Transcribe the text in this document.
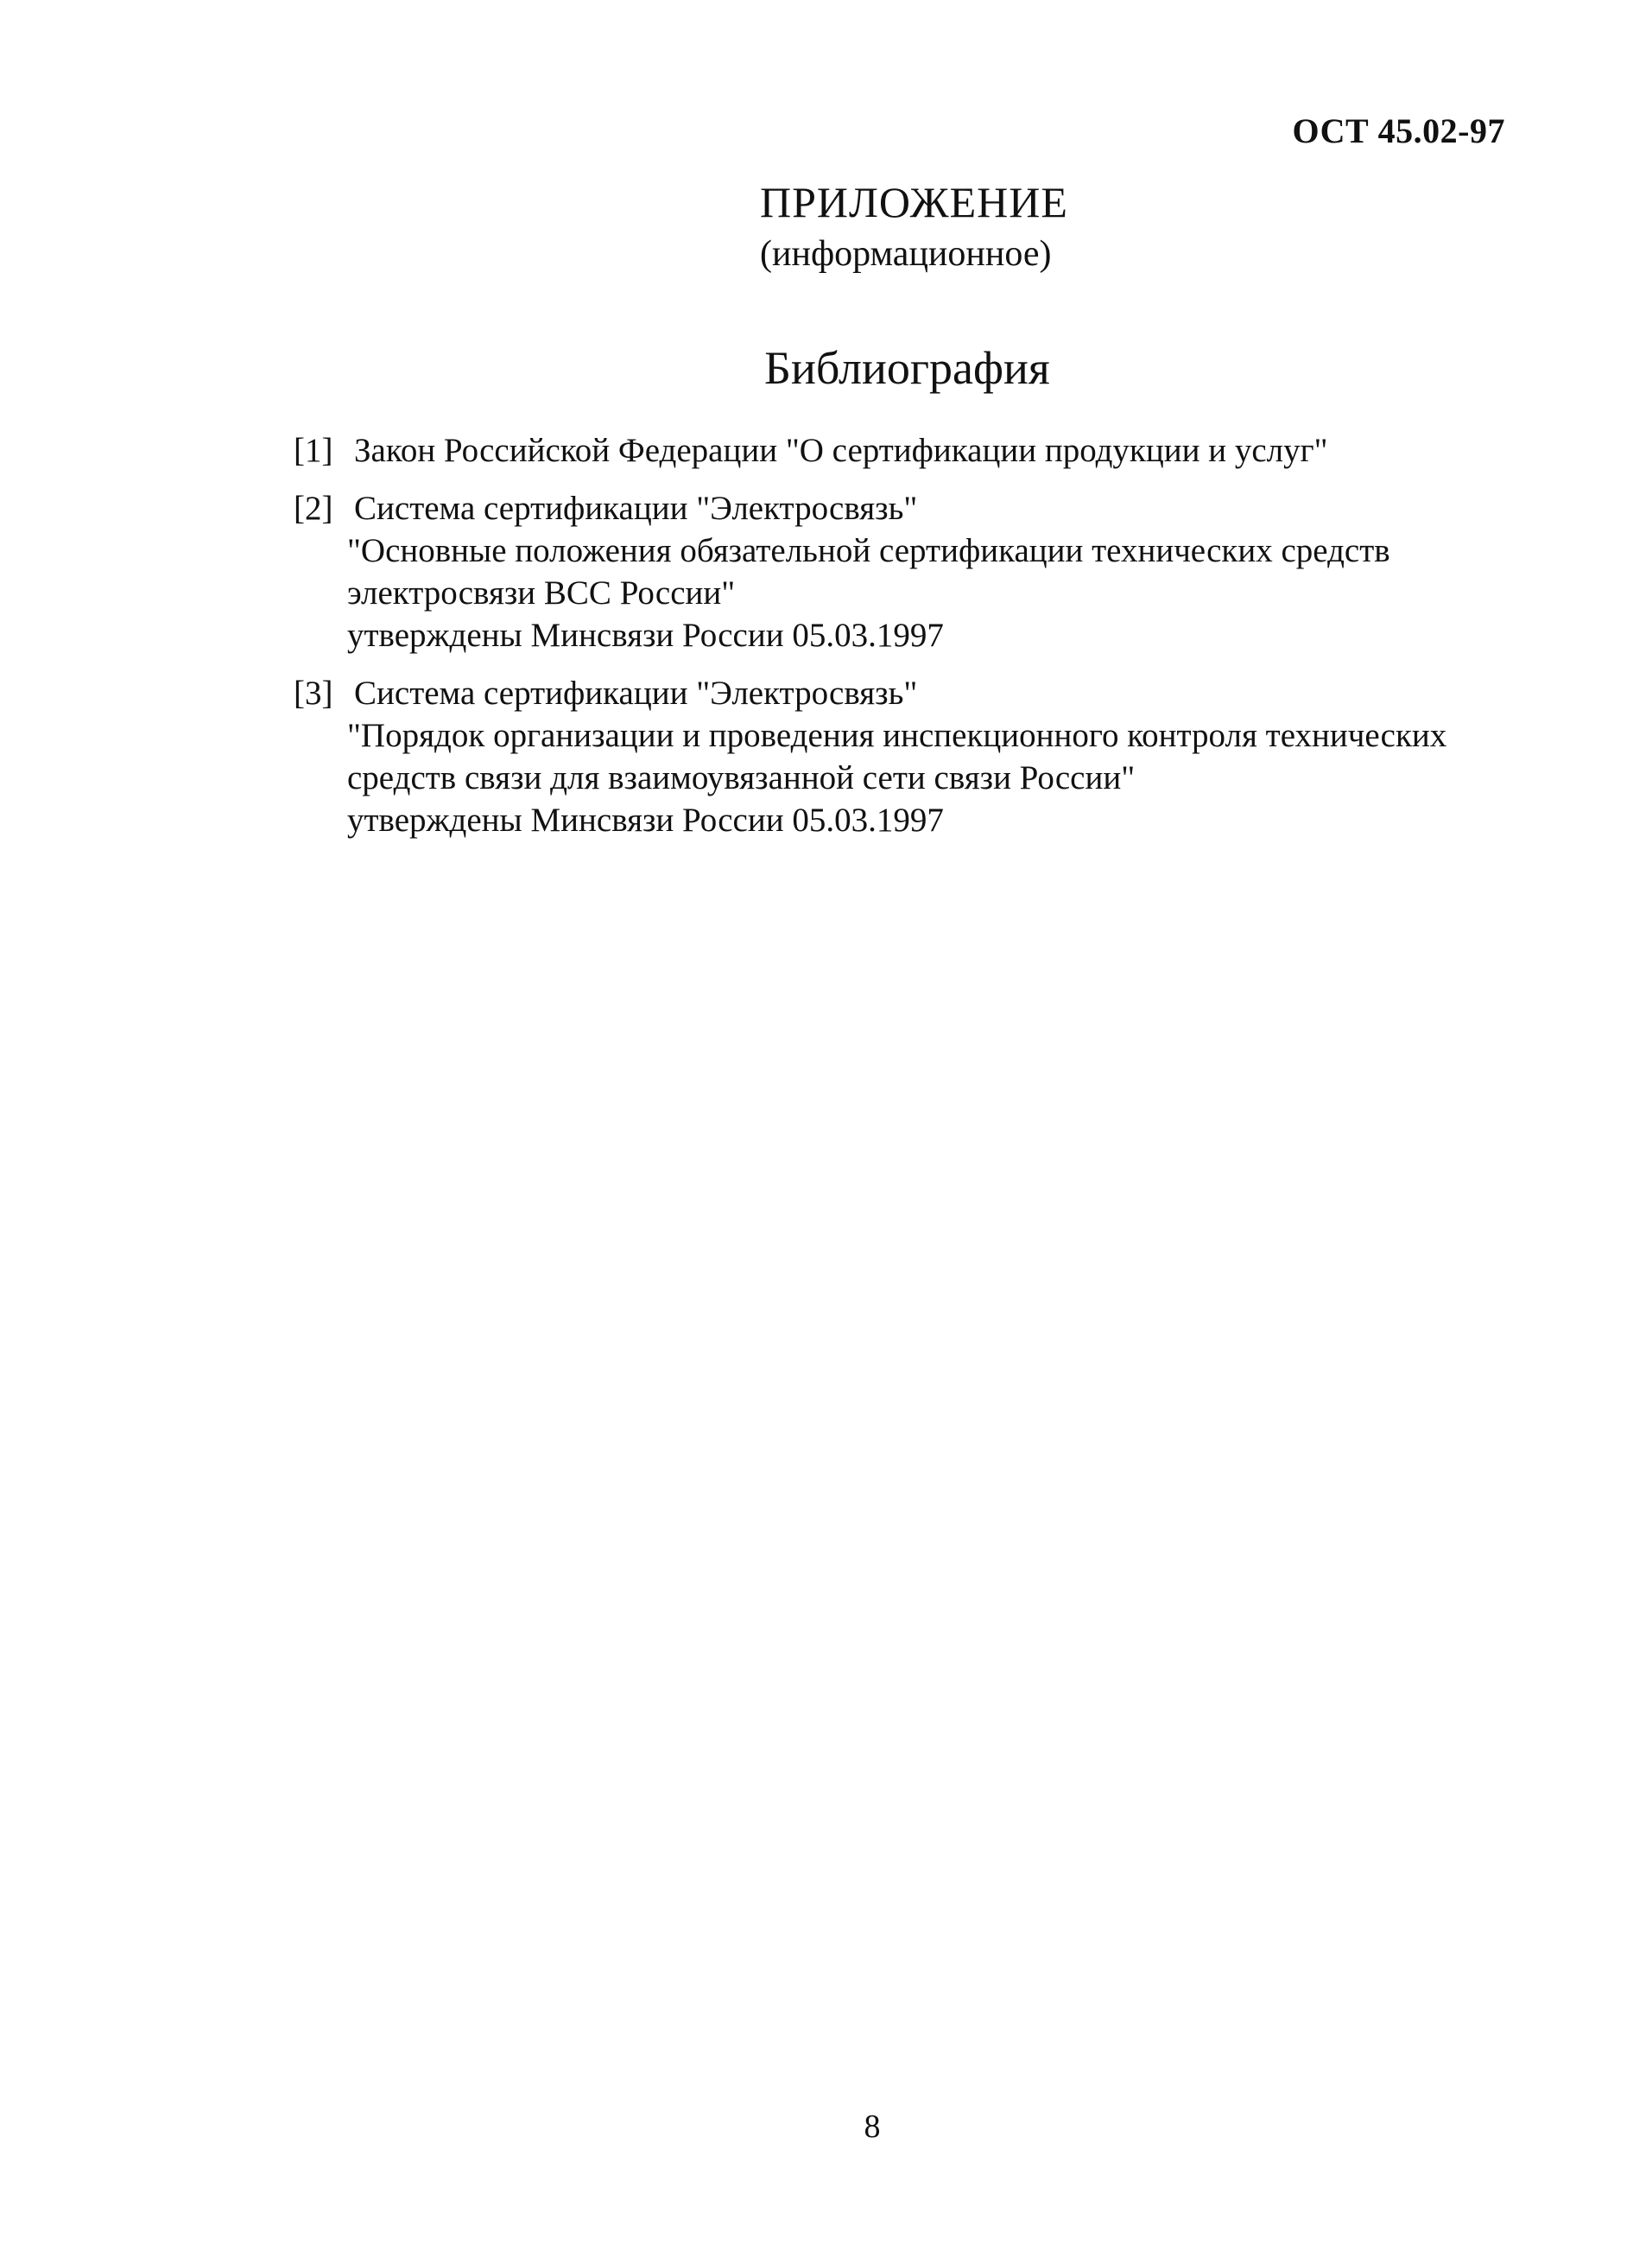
ОСТ 45.02-97
ПРИЛОЖЕНИЕ
(информационное)
Библиография
[1] Закон Российской Федерации "О сертификации продукции и услуг"
[2] Система сертификации "Электросвязь"
"Основные положения обязательной сертификации технических средств
электросвязи ВСС России"
утверждены Минсвязи России 05.03.1997
[3] Система сертификации "Электросвязь"
"Порядок организации и проведения инспекционного контроля технических
средств связи для взаимоувязанной сети связи России"
утверждены Минсвязи России 05.03.1997
8
